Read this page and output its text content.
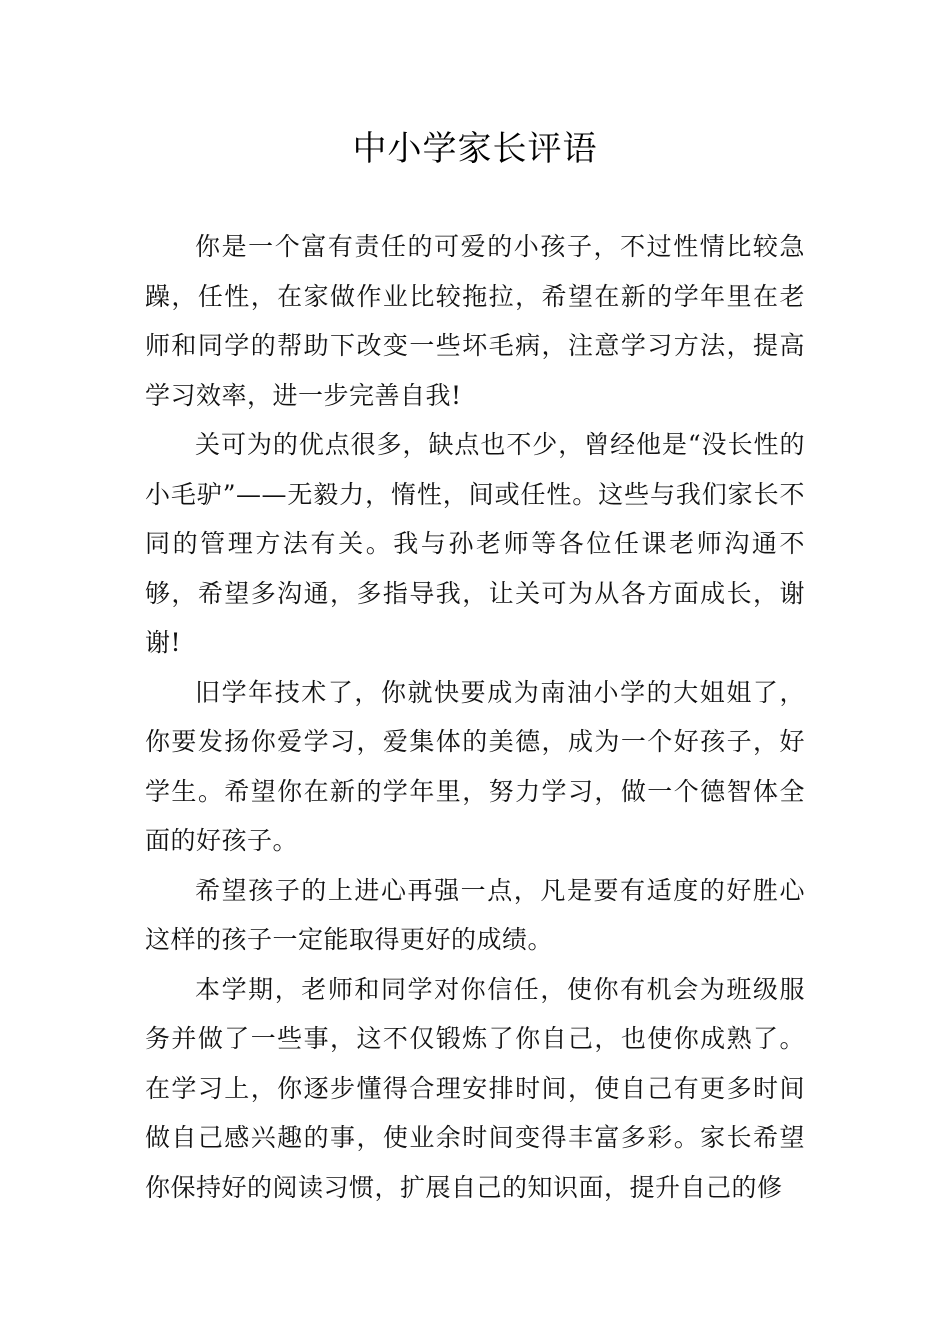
中小学家长评语

你是一个富有责任的可爱的小孩子，不过性情比较急躁，任性，在家做作业比较拖拉，希望在新的学年里在老师和同学的帮助下改变一些坏毛病，注意学习方法，提高学习效率，进一步完善自我!

关可为的优点很多，缺点也不少，曾经他是“没长性的小毛驴”——无毅力，惰性，间或任性。这些与我们家长不同的管理方法有关。我与孙老师等各位任课老师沟通不够，希望多沟通，多指导我，让关可为从各方面成长，谢谢!

旧学年技术了，你就快要成为南油小学的大姐姐了，你要发扬你爱学习，爱集体的美德，成为一个好孩子，好学生。希望你在新的学年里，努力学习，做一个德智体全面的好孩子。

希望孩子的上进心再强一点，凡是要有适度的好胜心这样的孩子一定能取得更好的成绩。

本学期，老师和同学对你信任，使你有机会为班级服务并做了一些事，这不仅锻炼了你自己，也使你成熟了。在学习上，你逐步懂得合理安排时间，使自己有更多时间做自己感兴趣的事，使业余时间变得丰富多彩。家长希望你保持好的阅读习惯，扩展自己的知识面，提升自己的修
